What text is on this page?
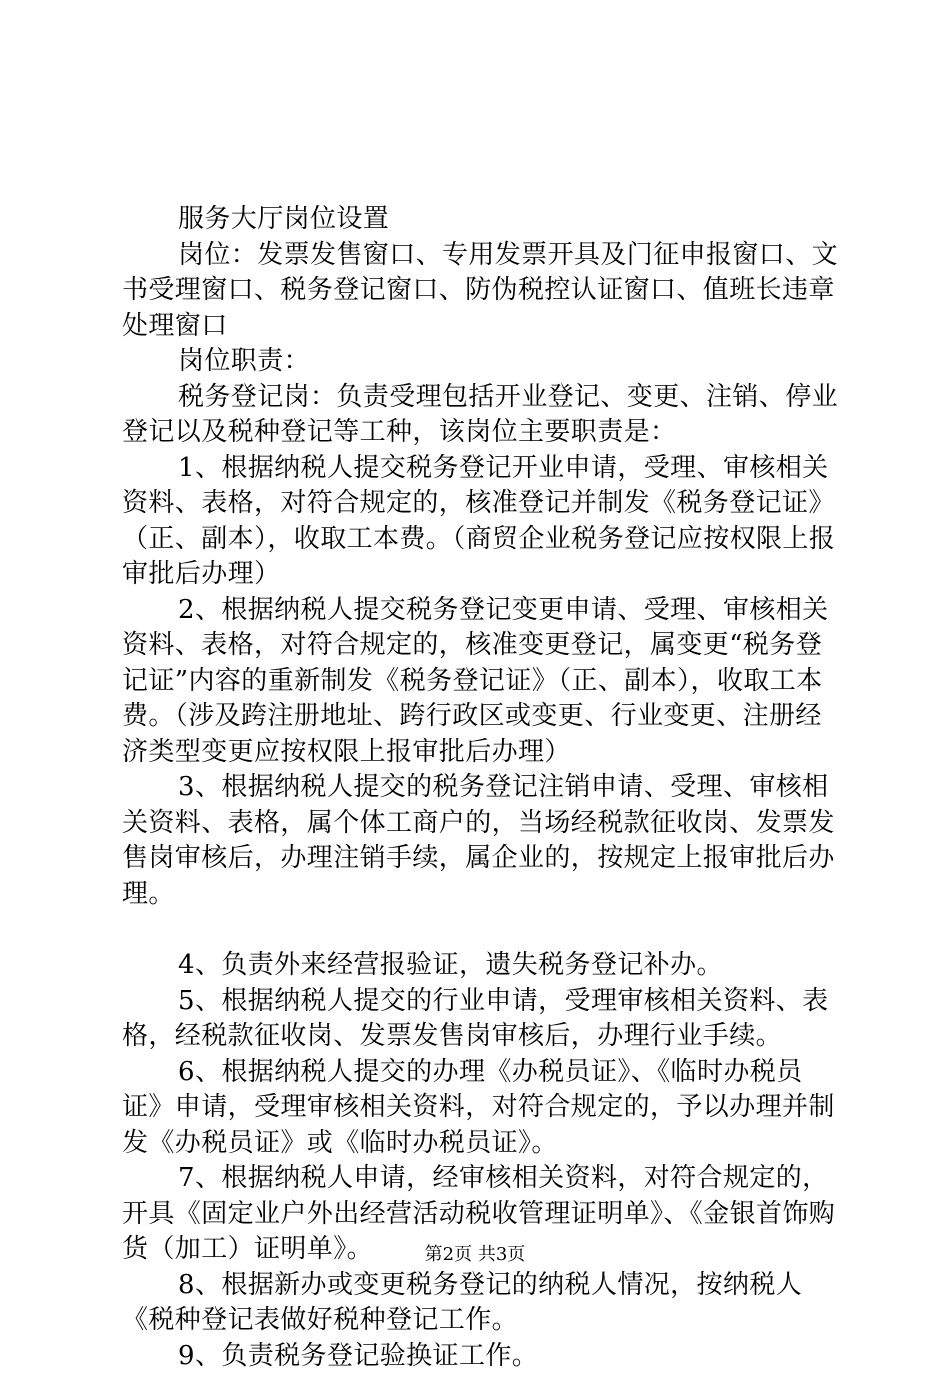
服务大厅岗位设置

岗位：发票发售窗口、专用发票开具及门征申报窗口、文书受理窗口、税务登记窗口、防伪税控认证窗口、值班长违章处理窗口

岗位职责：

税务登记岗：负责受理包括开业登记、变更、注销、停业登记以及税种登记等工种，该岗位主要职责是：

1、根据纳税人提交税务登记开业申请，受理、审核相关资料、表格，对符合规定的，核准登记并制发《税务登记证》（正、副本），收取工本费。（商贸企业税务登记应按权限上报审批后办理）

2、根据纳税人提交税务登记变更申请、受理、审核相关资料、表格，对符合规定的，核准变更登记，属变更“税务登记证”内容的重新制发《税务登记证》（正、副本），收取工本费。（涉及跨注册地址、跨行政区或变更、行业变更、注册经济类型变更应按权限上报审批后办理）

3、根据纳税人提交的税务登记注销申请、受理、审核相关资料、表格，属个体工商户的，当场经税款征收岗、发票发售岗审核后，办理注销手续，属企业的，按规定上报审批后办理。

4、负责外来经营报验证，遗失税务登记补办。

5、根据纳税人提交的行业申请，受理审核相关资料、表格，经税款征收岗、发票发售岗审核后，办理行业手续。

6、根据纳税人提交的办理《办税员证》、《临时办税员证》申请，受理审核相关资料，对符合规定的，予以办理并制发《办税员证》或《临时办税员证》。

7、根据纳税人申请，经审核相关资料，对符合规定的，开具《固定业户外出经营活动税收管理证明单》、《金银首饰购货（加工）证明单》。

8、根据新办或变更税务登记的纳税人情况，按纳税人《税种登记表做好税种登记工作。

9、负责税务登记验换证工作。

第2页 共3页
